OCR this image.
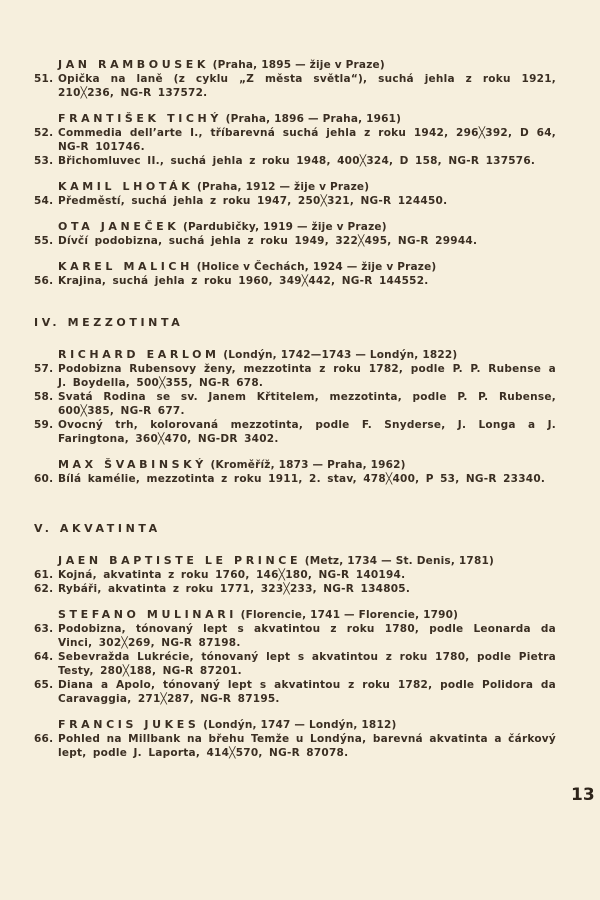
JAN RAMBOUSEK (Praha, 1895 — žije v Praze)
51. Opička na laně (z cyklu „Z města světla“), suchá jehla z roku 1921, 210╳236, NG-R 137572.
FRANTIŠEK TICHÝ (Praha, 1896 — Praha, 1961)
52. Commedia dell’arte I., tříbarevná suchá jehla z roku 1942, 296╳392, D 64, NG-R 101746.
53. Břichomluvec II., suchá jehla z roku 1948, 400╳324, D 158, NG-R 137576.
KAMIL LHOTÁK (Praha, 1912 — žije v Praze)
54. Předměstí, suchá jehla z roku 1947, 250╳321, NG-R 124450.
OTA JANEČEK (Pardubičky, 1919 — žije v Praze)
55. Dívčí podobizna, suchá jehla z roku 1949, 322╳495, NG-R 29944.
KAREL MALICH (Holice v Čechách, 1924 — žije v Praze)
56. Krajina, suchá jehla z roku 1960, 349╳442, NG-R 144552.
IV. MEZZOTINTA
RICHARD EARLOM (Londýn, 1742—1743 — Londýn, 1822)
57. Podobizna Rubensovy ženy, mezzotinta z roku 1782, podle P. P. Rubense a J. Boydella, 500╳355, NG-R 678.
58. Svatá Rodina se sv. Janem Křtitelem, mezzotinta, podle P. P. Rubense, 600╳385, NG-R 677.
59. Ovocný trh, kolorovaná mezzotinta, podle F. Snyderse, J. Longa a J. Faringtona, 360╳470, NG-DR 3402.
MAX ŠVABINSKÝ (Kroměříž, 1873 — Praha, 1962)
60. Bílá kamélie, mezzotinta z roku 1911, 2. stav, 478╳400, P 53, NG-R 23340.
V. AKVATINTA
JAEN BAPTISTE LE PRINCE (Metz, 1734 — St. Denis, 1781)
61. Kojná, akvatinta z roku 1760, 146╳180, NG-R 140194.
62. Rybáři, akvatinta z roku 1771, 323╳233, NG-R 134805.
STEFANO MULINARI (Florencie, 1741 — Florencie, 1790)
63. Podobizna, tónovaný lept s akvatintou z roku 1780, podle Leonarda da Vinci, 302╳269, NG-R 87198.
64. Sebevražda Lukrécie, tónovaný lept s akvatintou z roku 1780, podle Pietra Testy, 280╳188, NG-R 87201.
65. Diana a Apolo, tónovaný lept s akvatintou z roku 1782, podle Polidora da Caravaggia, 271╳287, NG-R 87195.
FRANCIS JUKES (Londýn, 1747 — Londýn, 1812)
66. Pohled na Millbank na břehu Temže u Londýna, barevná akvatinta a čárkový lept, podle J. Laporta, 414╳570, NG-R 87078.
13
